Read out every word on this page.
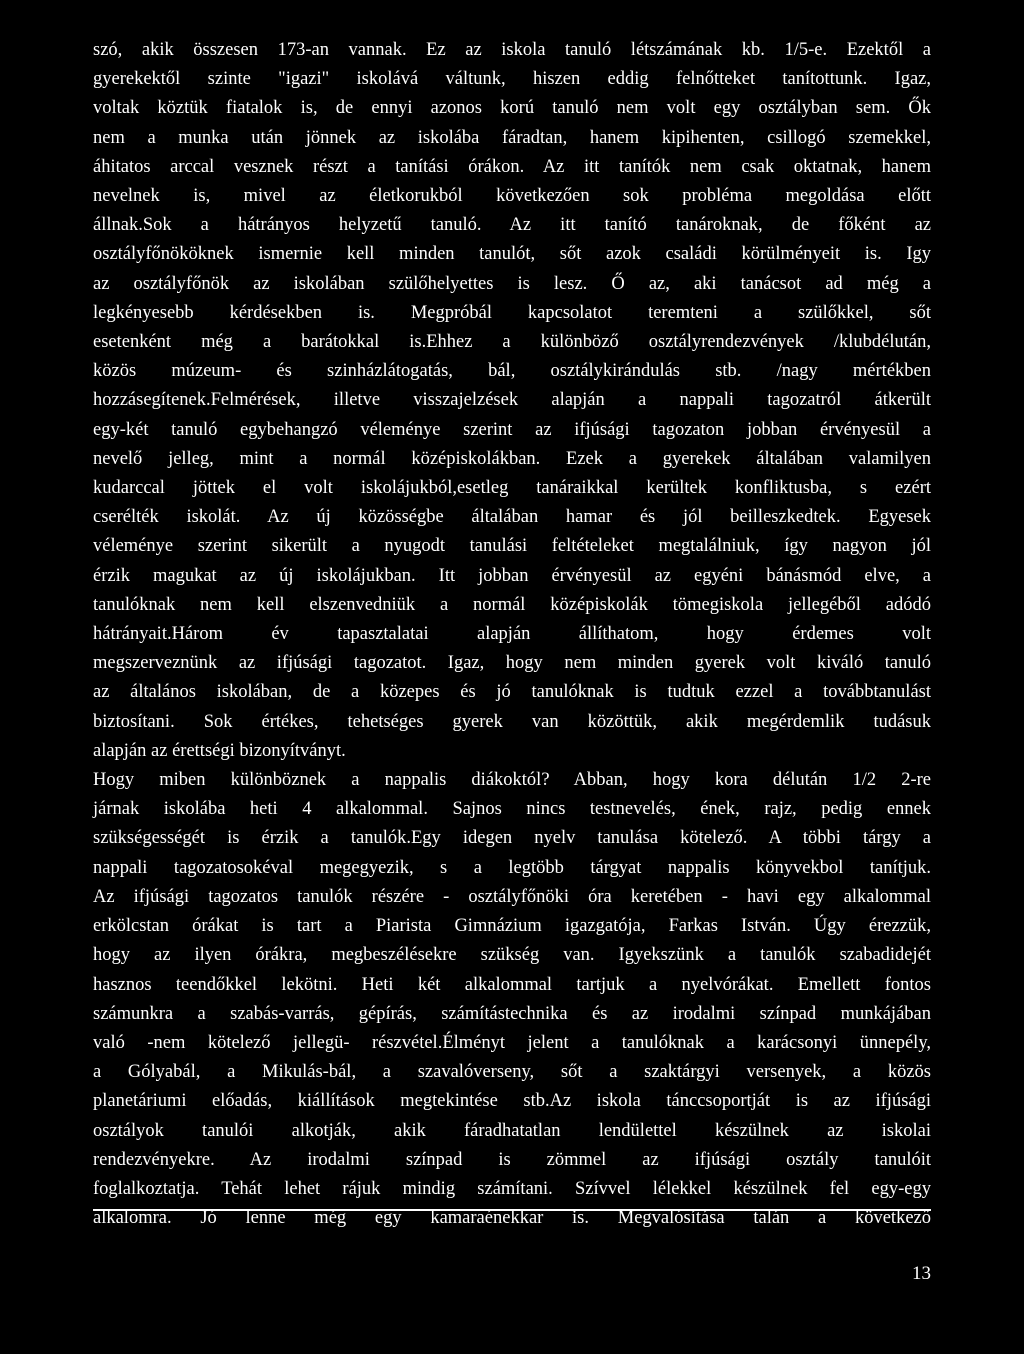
szó, akik összesen 173-an vannak. Ez az iskola tanuló létszámának kb. 1/5-e. Ezektől a
gyerekektől szinte "igazi" iskolává váltunk, hiszen eddig felnőtteket tanítottunk. Igaz,
voltak köztük fiatalok is, de ennyi azonos korú tanuló nem volt egy osztályban sem. Ők
nem a munka után jönnek az iskolába fáradtan, hanem kipihenten, csillogó szemekkel,
áhitatos arccal vesznek részt a tanítási órákon. Az itt tanítók nem csak oktatnak, hanem
nevelnek is, mivel az életkorukból következően sok probléma megoldása előtt
állnak.Sok a hátrányos helyzetű tanuló. Az itt tanító tanároknak, de főként az
osztályfőnököknek ismernie kell minden tanulót, sőt azok családi körülményeit is. Igy
az osztályfőnök az iskolában szülőhelyettes is lesz. Ő az, aki tanácsot ad még a
legkényesebb kérdésekben is. Megpróbál kapcsolatot teremteni a szülőkkel, sőt
esetenként még a barátokkal is.Ehhez a különböző osztályrendezvények /klubdélután,
közös múzeum- és szinházlátogatás, bál, osztálykirándulás stb. /nagy mértékben
hozzásegítenek.Felmérések, illetve visszajelzések alapján a nappali tagozatról átkerült
egy-két tanuló egybehangzó véleménye szerint az ifjúsági tagozaton jobban érvényesül a
nevelő jelleg, mint a normál középiskolákban. Ezek a gyerekek általában valamilyen
kudarccal jöttek el volt iskolájukból,esetleg tanáraikkal kerültek konfliktusba, s ezért
cserélték iskolát. Az új közösségbe általában hamar és jól beilleszkedtek. Egyesek
véleménye szerint sikerült a nyugodt tanulási feltételeket megtalálniuk, így nagyon jól
érzik magukat az új iskolájukban. Itt jobban érvényesül az egyéni bánásmód elve, a
tanulóknak nem kell elszenvedniük a normál középiskolák tömegiskola jellegéből adódó
hátrányait.Három év tapasztalatai alapján állíthatom, hogy érdemes volt
megszerveznünk az ifjúsági tagozatot. Igaz, hogy nem minden gyerek volt kiváló tanuló
az általános iskolában, de a közepes és jó tanulóknak is tudtuk ezzel a továbbtanulást
biztosítani. Sok értékes, tehetséges gyerek van közöttük, akik megérdemlik tudásuk
alapján az érettségi bizonyítványt.
Hogy miben különböznek a nappalis diákoktól? Abban, hogy kora délután 1/2 2-re
járnak iskolába heti 4 alkalommal. Sajnos nincs testnevelés, ének, rajz, pedig ennek
szükségességét is érzik a tanulók.Egy idegen nyelv tanulása kötelező. A többi tárgy a
nappali tagozatosokéval megegyezik, s a legtöbb tárgyat nappalis könyvekbol tanítjuk.
Az ifjúsági tagozatos tanulók részére - osztályfőnöki óra keretében - havi egy alkalommal
erkölcstan órákat is tart a Piarista Gimnázium igazgatója, Farkas István. Úgy érezzük,
hogy az ilyen órákra, megbeszélésekre szükség van. Igyekszünk a tanulók szabadidejét
hasznos teendőkkel lekötni. Heti két alkalommal tartjuk a nyelvórákat. Emellett fontos
számunkra a szabás-varrás, gépírás, számítástechnika és az irodalmi színpad munkájában
való -nem kötelező jellegü- részvétel.Élményt jelent a tanulóknak a karácsonyi ünnepély,
a Gólyabál, a Mikulás-bál, a szavalóverseny, sőt a szaktárgyi versenyek, a közös
planetáriumi előadás, kiállítások megtekintése stb.Az iskola tánccsoportját is az ifjúsági
osztályok tanulói alkotják, akik fáradhatatlan lendülettel készülnek az iskolai
rendezvényekre. Az irodalmi színpad is zömmel az ifjúsági osztály tanulóit
foglalkoztatja. Tehát lehet rájuk mindig számítani. Szívvel lélekkel készülnek fel egy-egy
alkalomra. Jó lenne még egy kamaraénekkar is. Megvalósítása talán a következő
13
